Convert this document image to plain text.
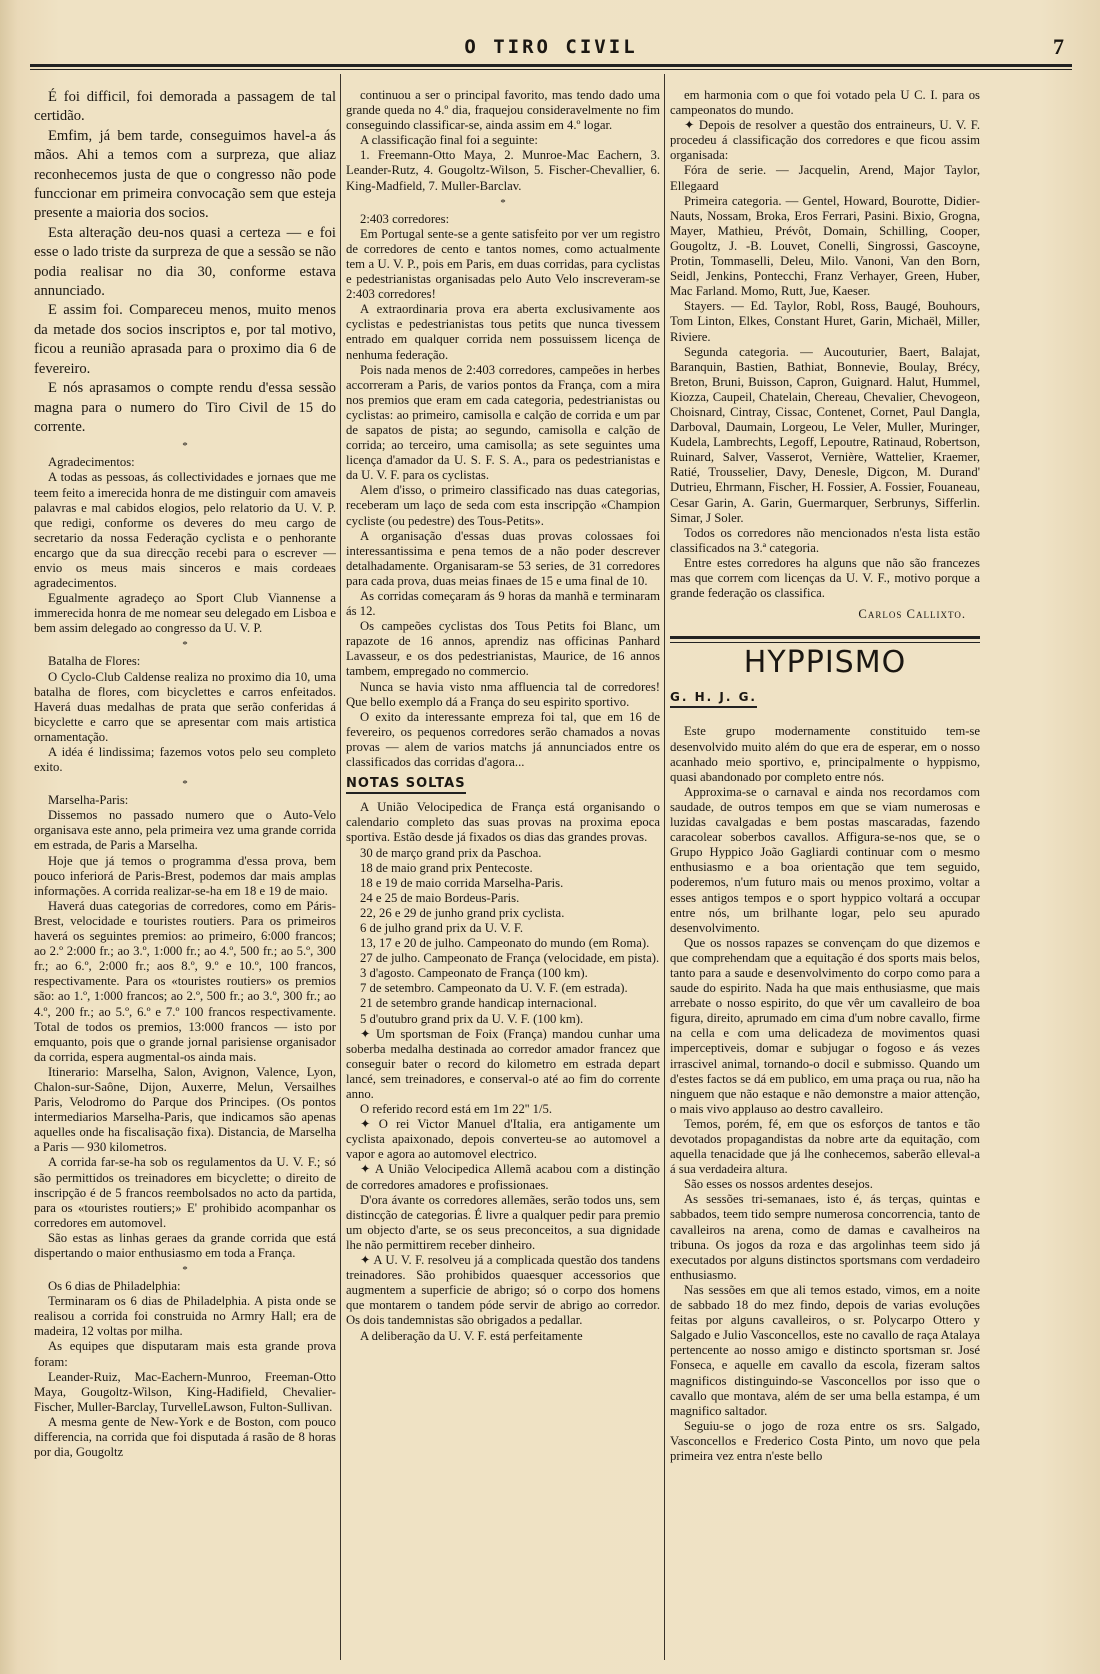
O TIRO CIVIL	7

É foi difficil, foi demorada a passagem de tal certidão.

Emfim, já bem tarde, conseguimos havel-a ás mãos. Ahi a temos com a surpreza, que aliaz reconhecemos justa de que o congresso não pode funccionar em primeira convocação sem que esteja presente a maioria dos socios.

Esta alteração deu-nos quasi a certeza — e foi esse o lado triste da surpreza de que a sessão se não podia realisar no dia 30, conforme estava annunciado.

E assim foi. Compareceu menos, muito menos da metade dos socios inscriptos e, por tal motivo, ficou a reunião aprasada para o proximo dia 6 de fevereiro.

E nós aprasamos o compte rendu d'essa sessão magna para o numero do Tiro Civil de 15 do corrente.

*

Agradecimentos:

A todas as pessoas, ás collectividades e jornaes que me teem feito a imerecida honra de me distinguir com amaveis palavras e mal cabidos elogios, pelo relatorio da U. V. P. que redigi, conforme os deveres do meu cargo de secretario da nossa Federação cyclista e o penhorante encargo que da sua direcção recebi para o escrever — envio os meus mais sinceros e mais cordeaes agradecimentos.

Egualmente agradeço ao Sport Club Viannense a immerecida honra de me nomear seu delegado em Lisboa e bem assim delegado ao congresso da U. V. P.

*

Batalha de Flores:

O Cyclo-Club Caldense realiza no proximo dia 10, uma batalha de flores, com bicyclettes e carros enfeitados. Haverá duas medalhas de prata que serão conferidas á bicyclette e carro que se apresentar com mais artistica ornamentação.

A idéa é lindissima; fazemos votos pelo seu completo exito.

*

Marselha-Paris:

Dissemos no passado numero que o Auto-Velo organisava este anno, pela primeira vez uma grande corrida em estrada, de Paris a Marselha.

Hoje que já temos o programma d'essa prova, bem pouco inferiorá de Paris-Brest, podemos dar mais amplas informações. A corrida realizar-se-ha em 18 e 19 de maio.

Haverá duas categorias de corredores, como em Páris-Brest, velocidade e touristes routiers. Para os primeiros haverá os seguintes premios: ao primeiro, 6:000 francos; ao 2.º 2:000 fr.; ao 3.º, 1:000 fr.; ao 4.º, 500 fr.; ao 5.º, 300 fr.; ao 6.º, 2:000 fr.; aos 8.º, 9.º e 10.º, 100 francos, respectivamente. Para os «touristes routiers» os premios são: ao 1.º, 1:000 francos; ao 2.º, 500 fr.; ao 3.º, 300 fr.; ao 4.º, 200 fr.; ao 5.º, 6.º e 7.º 100 francos respectivamente. Total de todos os premios, 13:000 francos — isto por emquanto, pois que o grande jornal parisiense organisador da corrida, espera augmental-os ainda mais.

Itinerario: Marselha, Salon, Avignon, Valence, Lyon, Chalon-sur-Saône, Dijon, Auxerre, Melun, Versailhes Paris, Velodromo do Parque dos Principes. (Os pontos intermediarios Marselha-Paris, que indicamos são apenas aquelles onde ha fiscalisação fixa). Distancia, de Marselha a Paris — 930 kilometros.

A corrida far-se-ha sob os regulamentos da U. V. F.; só são permittidos os treinadores em bicyclette; o direito de inscripção é de 5 francos reembolsados no acto da partida, para os «touristes routiers;» E' prohibido acompanhar os corredores em automovel.

São estas as linhas geraes da grande corrida que está dispertando o maior enthusiasmo em toda a França.

*

Os 6 dias de Philadelphia:

Terminaram os 6 dias de Philadelphia. A pista onde se realisou a corrida foi construida no Armry Hall; era de madeira, 12 voltas por milha.

As equipes que disputaram mais esta grande prova foram:

Leander-Ruiz, Mac-Eachern-Munroo, Freeman-Otto Maya, Gougoltz-Wilson, King-Hadifield, Chevalier-Fischer, Muller-Barclay, TurvelleLawson, Fulton-Sullivan.

A mesma gente de New-York e de Boston, com pouco differencia, na corrida que foi disputada á rasão de 8 horas por dia, Gougoltz

continuou a ser o principal favorito, mas tendo dado uma grande queda no 4.º dia, fraquejou consideravelmente no fim conseguindo classificar-se, ainda assim em 4.º logar.

A classificação final foi a seguinte:

1. Freemann-Otto Maya, 2. Munroe-Mac Eachern, 3. Leander-Rutz, 4. Gougoltz-Wilson, 5. Fischer-Chevallier, 6. King-Madfield, 7. Muller-Barclav.

*

2:403 corredores:

Em Portugal sente-se a gente satisfeito por ver um registro de corredores de cento e tantos nomes, como actualmente tem a U. V. P., pois em Paris, em duas corridas, para cyclistas e pedestrianistas organisadas pelo Auto Velo inscreveram-se 2:403 corredores!

A extraordinaria prova era aberta exclusivamente aos cyclistas e pedestrianistas tous petits que nunca tivessem entrado em qualquer corrida nem possuissem licença de nenhuma federação.

Pois nada menos de 2:403 corredores, campeões in herbes accorreram a Paris, de varios pontos da França, com a mira nos premios que eram em cada categoria, pedestrianistas ou cyclistas: ao primeiro, camisolla e calção de corrida e um par de sapatos de pista; ao segundo, camisolla e calção de corrida; ao terceiro, uma camisolla; as sete seguintes uma licença d'amador da U. S. F. S. A., para os pedestrianistas e da U. V. F. para os cyclistas.

Alem d'isso, o primeiro classificado nas duas categorias, receberam um laço de seda com esta inscripção «Champion cycliste (ou pedestre) des Tous-Petits».

A organisação d'essas duas provas colossaes foi interessantissima e pena temos de a não poder descrever detalhadamente. Organisaram-se 53 series, de 31 corredores para cada prova, duas meias finaes de 15 e uma final de 10.

As corridas começaram ás 9 horas da manhã e terminaram ás 12.

Os campeões cyclistas dos Tous Petits foi Blanc, um rapazote de 16 annos, aprendiz nas officinas Panhard Lavasseur, e os dos pedestrianistas, Maurice, de 16 annos tambem, empregado no commercio.

Nunca se havia visto nma affluencia tal de corredores! Que bello exemplo dá a França do seu espirito sportivo.

O exito da interessante empreza foi tal, que em 16 de fevereiro, os pequenos corredores serão chamados a novas provas — alem de varios matchs já annunciados entre os classificados das corridas d'agora...

NOTAS SOLTAS

A União Velocipedica de França está organisando o calendario completo das suas provas na proxima epoca sportiva. Estão desde já fixados os dias das grandes provas.

30 de março grand prix da Paschoa.

18 de maio grand prix Pentecoste.

18 e 19 de maio corrida Marselha-Paris.

24 e 25 de maio Bordeus-Paris.

22, 26 e 29 de junho grand prix cyclista.

6 de julho grand prix da U. V. F.

13, 17 e 20 de julho. Campeonato do mundo (em Roma).

27 de julho. Campeonato de França (velocidade, em pista).

3 d'agosto. Campeonato de França (100 km).

7 de setembro. Campeonato da U. V. F. (em estrada).

21 de setembro grande handicap internacional.

5 d'outubro grand prix da U. V. F. (100 km).

✦ Um sportsman de Foix (França) mandou cunhar uma soberba medalha destinada ao corredor amador francez que conseguir bater o record do kilometro em estrada depart lancé, sem treinadores, e conserval-o até ao fim do corrente anno.

O referido record está em 1m 22'' 1/5.

✦ O rei Victor Manuel d'Italia, era antigamente um cyclista apaixonado, depois converteu-se ao automovel a vapor e agora ao automovel electrico.

✦ A União Velocipedica Allemã acabou com a distinção de corredores amadores e profissionaes.

D'ora ávante os corredores allemães, serão todos uns, sem distincção de categorias. É livre a qualquer pedir para premio um objecto d'arte, se os seus preconceitos, a sua dignidade lhe não permittirem receber dinheiro.

✦ A U. V. F. resolveu já a complicada questão dos tandens treinadores. São prohibidos quaesquer accessorios que augmentem a superficie de abrigo; só o corpo dos homens que montarem o tandem póde servir de abrigo ao corredor. Os dois tandemnistas são obrigados a pedallar.

A deliberação da U. V. F. está perfeitamente

em harmonia com o que foi votado pela U C. I. para os campeonatos do mundo.

✦ Depois de resolver a questão dos entraineurs, U. V. F. procedeu á classificação dos corredores e que ficou assim organisada:

Fóra de serie. — Jacquelin, Arend, Major Taylor, Ellegaard

Primeira categoria. — Gentel, Howard, Bourotte, Didier-Nauts, Nossam, Broka, Eros Ferrari, Pasini. Bixio, Grogna, Mayer, Mathieu, Prévôt, Domain, Schilling, Cooper, Gougoltz, J. -B. Louvet, Conelli, Singrossi, Gascoyne, Protin, Tommaselli, Deleu, Milo. Vanoni, Van den Born, Seidl, Jenkins, Pontecchi, Franz Verhayer, Green, Huber, Mac Farland. Momo, Rutt, Jue, Kaeser.

Stayers. — Ed. Taylor, Robl, Ross, Baugé, Bouhours, Tom Linton, Elkes, Constant Huret, Garin, Michaël, Miller, Riviere.

Segunda categoria. — Aucouturier, Baert, Balajat, Baranquin, Bastien, Bathiat, Bonnevie, Boulay, Brécy, Breton, Bruni, Buisson, Capron, Guignard. Halut, Hummel, Kiozza, Caupeil, Chatelain, Chereau, Chevalier, Chevogeon, Choisnard, Cintray, Cissac, Contenet, Cornet, Paul Dangla, Darboval, Daumain, Lorgeou, Le Veler, Muller, Muringer, Kudela, Lambrechts, Legoff, Lepoutre, Ratinaud, Robertson, Ruinard, Salver, Vasserot, Vernière, Wattelier, Kraemer, Ratié, Trousselier, Davy, Denesle, Digcon, M. Durand' Dutrieu, Ehrmann, Fischer, H. Fossier, A. Fossier, Fouaneau, Cesar Garin, A. Garin, Guermarquer, Serbrunys, Sifferlin. Simar, J Soler.

Todos os corredores não mencionados n'esta lista estão classificados na 3.ª categoria.

Entre estes corredores ha alguns que não são francezes mas que correm com licenças da U. V. F., motivo porque a grande federação os classifica.

Carlos Callixto.
HYPPISMO
G. H. J. G.

Este grupo modernamente constituido tem-se desenvolvido muito além do que era de esperar, em o nosso acanhado meio sportivo, e, principalmente o hyppismo, quasi abandonado por completo entre nós.

Approxima-se o carnaval e ainda nos recordamos com saudade, de outros tempos em que se viam numerosas e luzidas cavalgadas e bem postas mascaradas, fazendo caracolear soberbos cavallos. Affigura-se-nos que, se o Grupo Hyppico João Gagliardi continuar com o mesmo enthusiasmo e a boa orientação que tem seguido, poderemos, n'um futuro mais ou menos proximo, voltar a esses antigos tempos e o sport hyppico voltará a occupar entre nós, um brilhante logar, pelo seu apurado desenvolvimento.

Que os nossos rapazes se convençam do que dizemos e que comprehendam que a equitação é dos sports mais belos, tanto para a saude e desenvolvimento do corpo como para a saude do espirito. Nada ha que mais enthusiasme, que mais arrebate o nosso espirito, do que vêr um cavalleiro de boa figura, direito, aprumado em cima d'um nobre cavallo, firme na cella e com uma delicadeza de movimentos quasi imperceptiveis, domar e subjugar o fogoso e ás vezes irrascivel animal, tornando-o docil e submisso. Quando um d'estes factos se dá em publico, em uma praça ou rua, não ha ninguem que não estaque e não demonstre a maior attenção, o mais vivo applauso ao destro cavalleiro.

Temos, porém, fé, em que os esforços de tantos e tão devotados propagandistas da nobre arte da equitação, com aquella tenacidade que já lhe conhecemos, saberão elleval-a á sua verdadeira altura.

São esses os nossos ardentes desejos.

As sessões tri-semanaes, isto é, ás terças, quintas e sabbados, teem tido sempre numerosa concorrencia, tanto de cavalleiros na arena, como de damas e cavalheiros na tribuna. Os jogos da roza e das argolinhas teem sido já executados por alguns distinctos sportsmans com verdadeiro enthusiasmo.

Nas sessões em que ali temos estado, vimos, em a noite de sabbado 18 do mez findo, depois de varias evoluções feitas por alguns cavalleiros, o sr. Polycarpo Ottero y Salgado e Julio Vasconcellos, este no cavallo de raça Atalaya pertencente ao nosso amigo e distincto sportsman sr. José Fonseca, e aquelle em cavallo da escola, fizeram saltos magnificos distinguindo-se Vasconcellos por isso que o cavallo que montava, além de ser uma bella estampa, é um magnifico saltador.

Seguiu-se o jogo de roza entre os srs. Salgado, Vasconcellos e Frederico Costa Pinto, um novo que pela primeira vez entra n'este bello
